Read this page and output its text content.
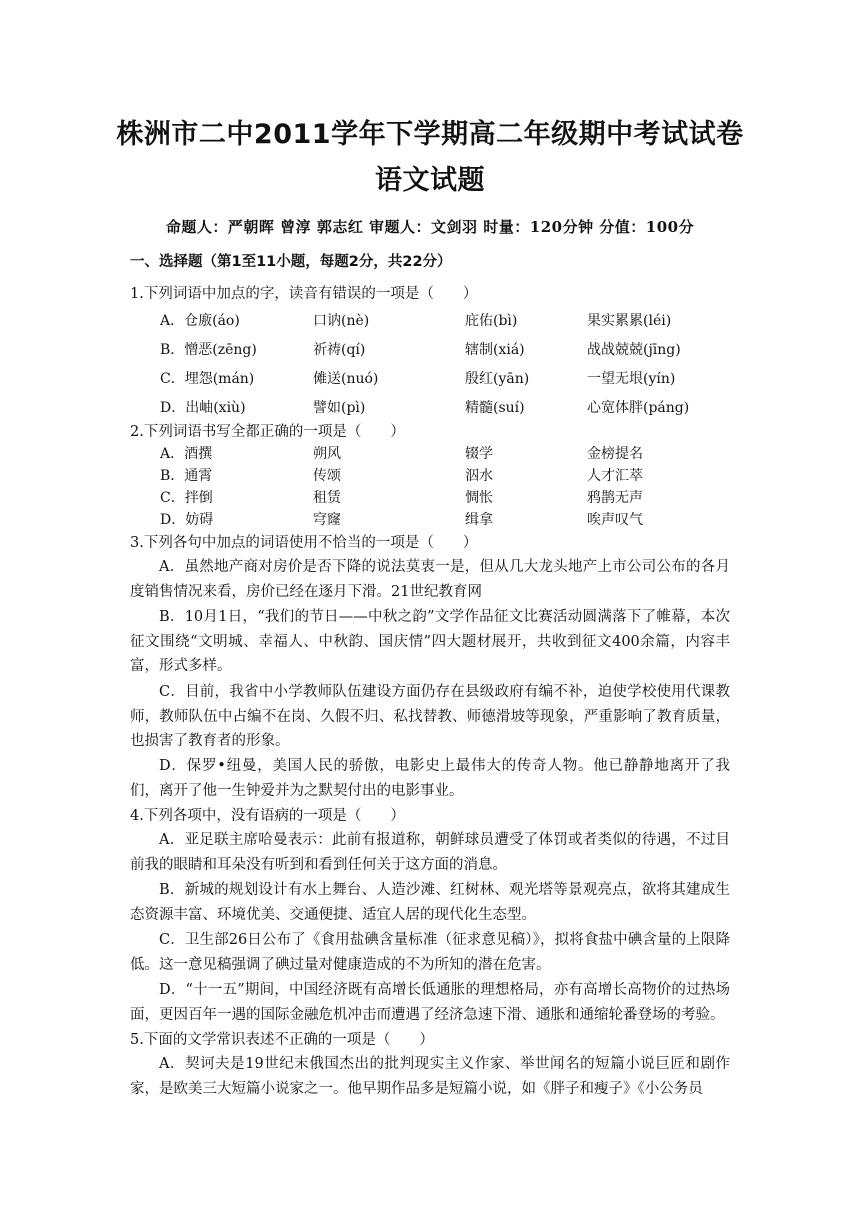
株洲市二中2011学年下学期高二年级期中考试试卷
语文试题
命题人：严朝晖 曾淳 郭志红 审题人：文剑羽 时量：120分钟 分值：100分
一、选择题（第1至11小题，每题2分，共22分）
1.下列词语中加点的字，读音有错误的一项是（　　）
A．仓廒(áo)	口讷(nè)	庇佑(bì)	果实累累(léi)
B．憎恶(zēng)	祈祷(qí)	辖制(xiá)	战战兢兢(jīng)
C．埋怨(mán)	傩送(nuó)	殷红(yān)	一望无垠(yín)
D．出岫(xiù)	譬如(pì)	精髓(suí)	心宽体胖(páng)
2.下列词语书写全都正确的一项是（　　）
A．酒撰	朔风	辍学	金榜提名
B．通霄	传颂	泅水	人才汇萃
C．拌倒	租赁	惆怅	鸦鹊无声
D．妨碍	穹窿	缉拿	唉声叹气
3.下列各句中加点的词语使用不恰当的一项是（　　）
A．虽然地产商对房价是否下降的说法莫衷一是，但从几大龙头地产上市公司公布的各月度销售情况来看，房价已经在逐月下滑。21世纪教育网
B．10月1日，“我们的节日——中秋之韵”文学作品征文比赛活动圆满落下了帷幕，本次征文围绕“文明城、幸福人、中秋韵、国庆情”四大题材展开，共收到征文400余篇，内容丰富，形式多样。
C．目前，我省中小学教师队伍建设方面仍存在县级政府有编不补，迫使学校使用代课教师，教师队伍中占编不在岗、久假不归、私找替教、师德滑坡等现象，严重影响了教育质量，也损害了教育者的形象。
D．保罗•纽曼，美国人民的骄傲，电影史上最伟大的传奇人物。他已静静地离开了我们，离开了他一生钟爱并为之默契付出的电影事业。
4.下列各项中，没有语病的一项是（　　）
A．亚足联主席哈曼表示：此前有报道称，朝鲜球员遭受了体罚或者类似的待遇，不过目前我的眼睛和耳朵没有听到和看到任何关于这方面的消息。
B．新城的规划设计有水上舞台、人造沙滩、红树林、观光塔等景观亮点，欲将其建成生态资源丰富、环境优美、交通便捷、适宜人居的现代化生态型。
C．卫生部26日公布了《食用盐碘含量标准（征求意见稿）》，拟将食盐中碘含量的上限降低。这一意见稿强调了碘过量对健康造成的不为所知的潜在危害。
D．“十一五”期间，中国经济既有高增长低通胀的理想格局，亦有高增长高物价的过热场面，更因百年一遇的国际金融危机冲击而遭遇了经济急速下滑、通胀和通缩轮番登场的考验。
5.下面的文学常识表述不正确的一项是（　　）
A．契诃夫是19世纪末俄国杰出的批判现实主义作家、举世闻名的短篇小说巨匠和剧作家，是欧美三大短篇小说家之一。他早期作品多是短篇小说，如《胖子和瘦子》《小公务员
